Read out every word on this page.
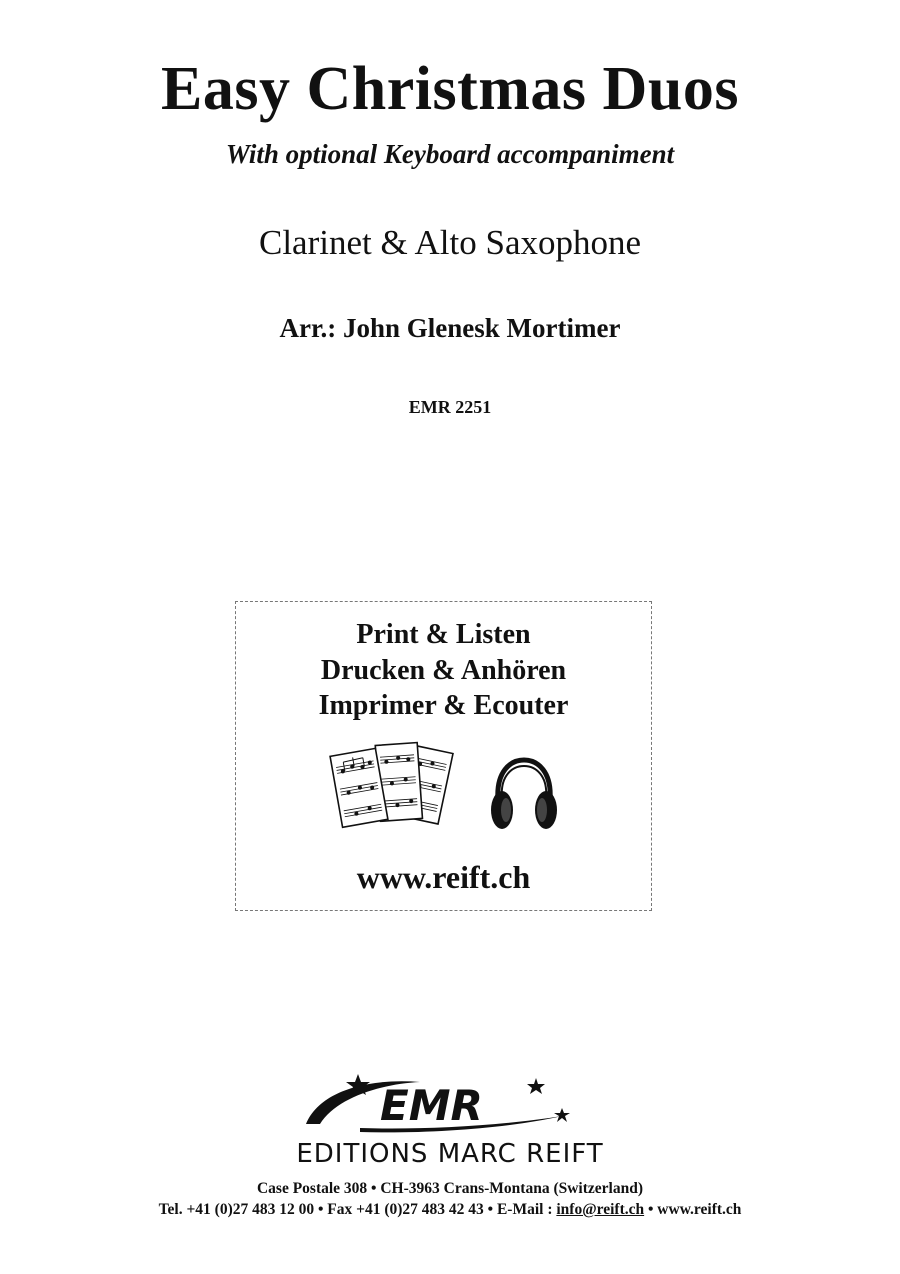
Easy Christmas Duos
With optional Keyboard accompaniment
Clarinet & Alto Saxophone
Arr.: John Glenesk Mortimer
EMR 2251
Print & Listen
Drucken & Anhören
Imprimer & Ecouter
www.reift.ch
EMR
EDITIONS MARC REIFT
Case Postale 308 • CH-3963 Crans-Montana (Switzerland)
Tel. +41 (0)27 483 12 00 • Fax +41 (0)27 483 42 43 • E-Mail : info@reift.ch • www.reift.ch
